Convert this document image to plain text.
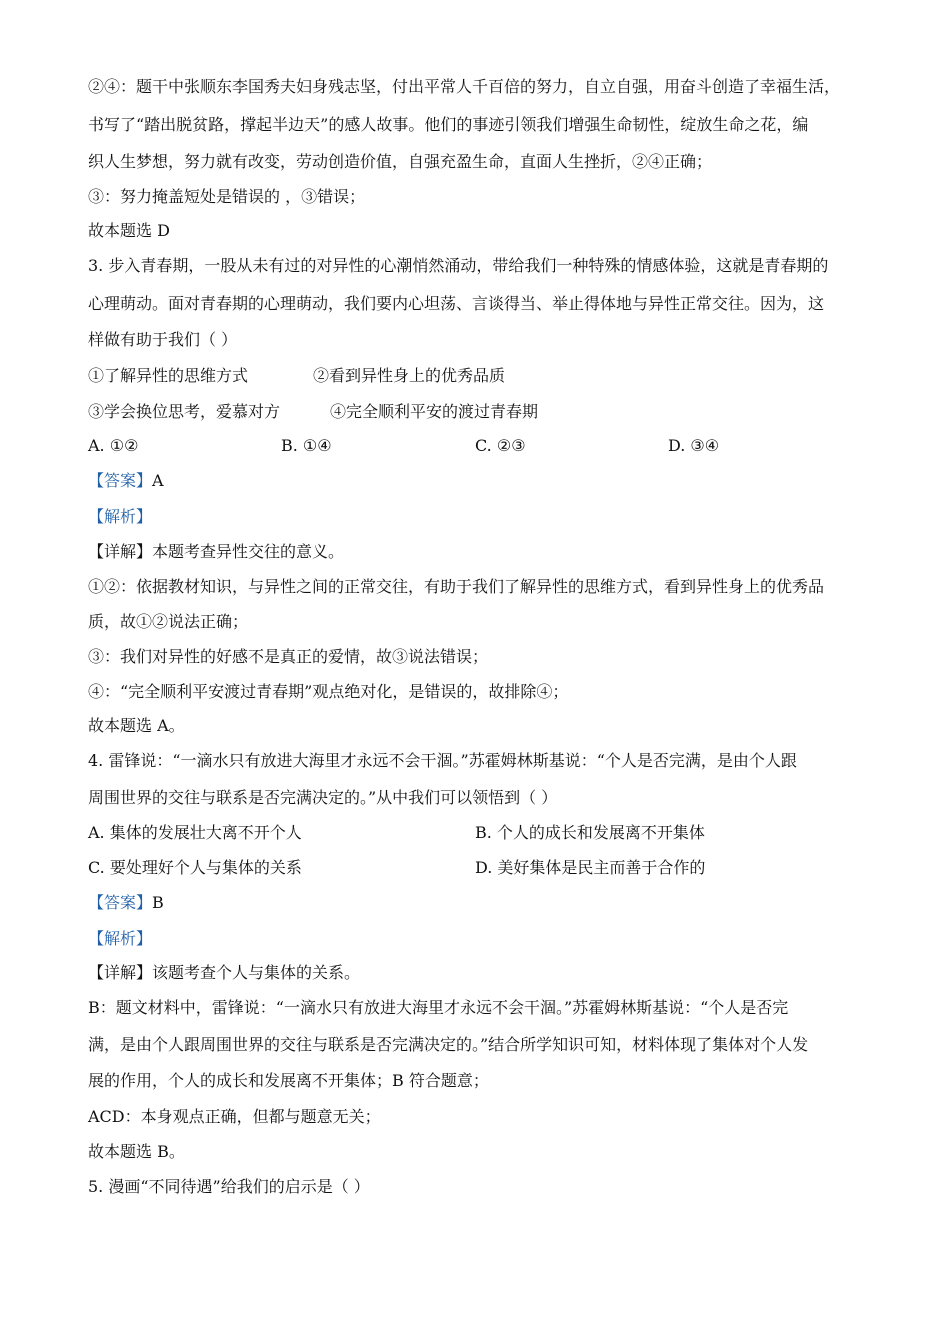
②④：题干中张顺东李国秀夫妇身残志坚，付出平常人千百倍的努力，自立自强，用奋斗创造了幸福生活，
书写了“踏出脱贫路，撑起半边天”的感人故事。他们的事迹引领我们增强生命韧性，绽放生命之花，编
织人生梦想，努力就有改变，劳动创造价值，自强充盈生命，直面人生挫折，②④正确；
③：努力掩盖短处是错误的 ，③错误；
故本题选 D
3. 步入青春期，一股从未有过的对异性的心潮悄然涌动，带给我们一种特殊的情感体验，这就是青春期的
心理萌动。面对青春期的心理萌动，我们要内心坦荡、言谈得当、举止得体地与异性正常交往。因为，这
样做有助于我们（ ）
①了解异性的思维方式	②看到异性身上的优秀品质
③学会换位思考，爱慕对方	④完全顺利平安的渡过青春期
A. ①②	B. ①④	C. ②③	D. ③④
【答案】A
【解析】
【详解】本题考查异性交往的意义。
①②：依据教材知识，与异性之间的正常交往，有助于我们了解异性的思维方式，看到异性身上的优秀品
质，故①②说法正确；
③：我们对异性的好感不是真正的爱情，故③说法错误；
④：“完全顺利平安渡过青春期”观点绝对化，是错误的，故排除④；
故本题选 A。
4. 雷锋说：“一滴水只有放进大海里才永远不会干涸。”苏霍姆林斯基说：“个人是否完满，是由个人跟
周围世界的交往与联系是否完满决定的。”从中我们可以领悟到（ ）
A. 集体的发展壮大离不开个人	B. 个人的成长和发展离不开集体
C. 要处理好个人与集体的关系	D. 美好集体是民主而善于合作的
【答案】B
【解析】
【详解】该题考查个人与集体的关系。
B：题文材料中，雷锋说：“一滴水只有放进大海里才永远不会干涸。”苏霍姆林斯基说：“个人是否完
满，是由个人跟周围世界的交往与联系是否完满决定的。”结合所学知识可知，材料体现了集体对个人发
展的作用，个人的成长和发展离不开集体；B 符合题意；
ACD：本身观点正确，但都与题意无关；
故本题选 B。
5. 漫画“不同待遇”给我们的启示是（ ）
